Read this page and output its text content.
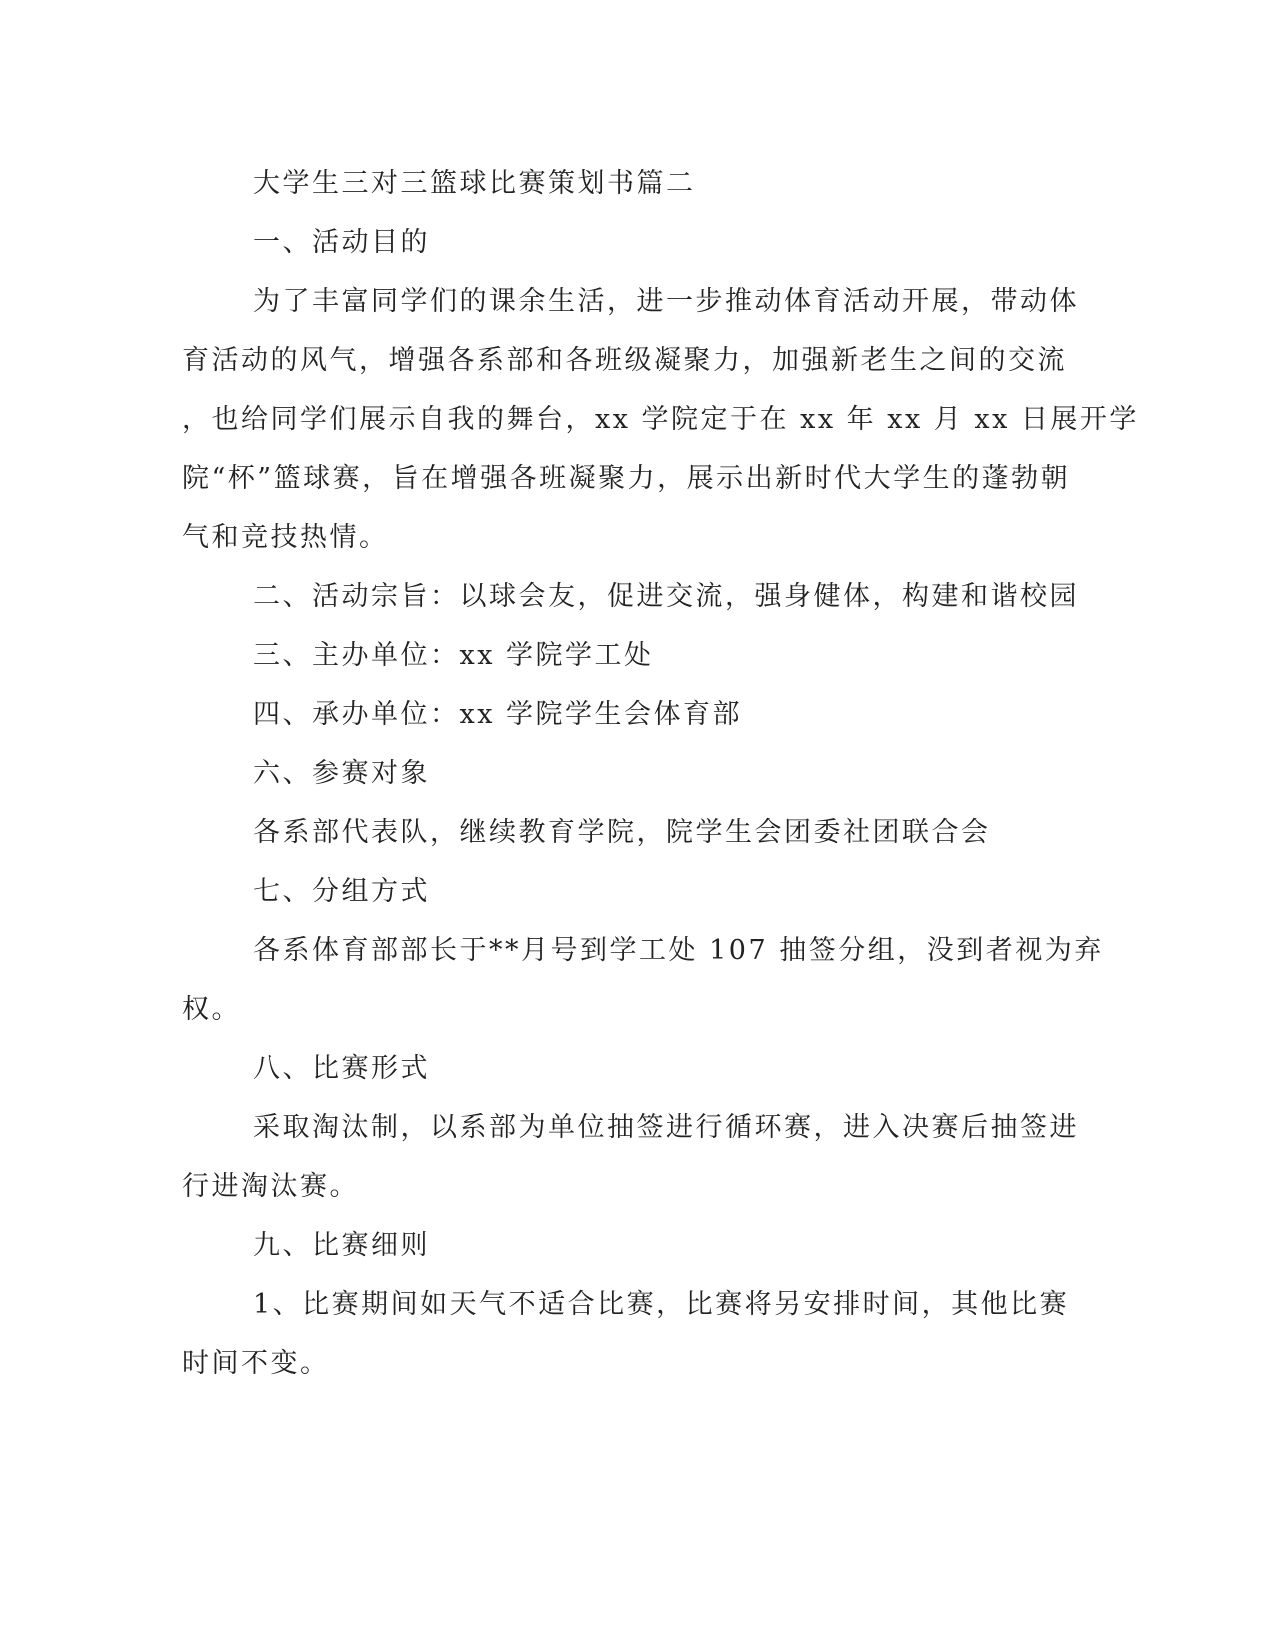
大学生三对三篮球比赛策划书篇二
一、活动目的
为了丰富同学们的课余生活，进一步推动体育活动开展，带动体
育活动的风气，增强各系部和各班级凝聚力，加强新老生之间的交流
，也给同学们展示自我的舞台，xx 学院定于在 xx 年 xx 月 xx 日展开学
院“杯”篮球赛，旨在增强各班凝聚力，展示出新时代大学生的蓬勃朝
气和竞技热情。
二、活动宗旨：以球会友，促进交流，强身健体，构建和谐校园
三、主办单位：xx 学院学工处
四、承办单位：xx 学院学生会体育部
六、参赛对象
各系部代表队，继续教育学院，院学生会团委社团联合会
七、分组方式
各系体育部部长于**月号到学工处 107 抽签分组，没到者视为弃
权。
八、比赛形式
采取淘汰制，以系部为单位抽签进行循环赛，进入决赛后抽签进
行进淘汰赛。
九、比赛细则
1、比赛期间如天气不适合比赛，比赛将另安排时间，其他比赛
时间不变。
